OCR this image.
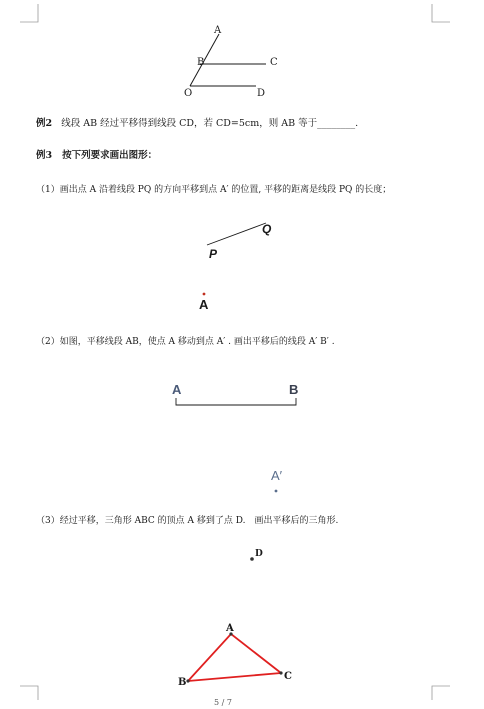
A
B	C
O	D
例2 线段 AB 经过平移得到线段 CD，若 CD=5cm，则 AB 等于________.
例3 按下列要求画出图形：
（1）画出点 A 沿着线段 PQ 的方向平移到点 A′ 的位置, 平移的距离是线段 PQ 的长度；
P
Q
A
（2）如图，平移线段 AB，使点 A 移动到点 A′ . 画出平移后的线段 A′ B′ .
A	B
A′
（3）经过平移，三角形 ABC 的顶点 A 移到了点 D.　画出平移后的三角形.
D
A
B
C
5 / 7
